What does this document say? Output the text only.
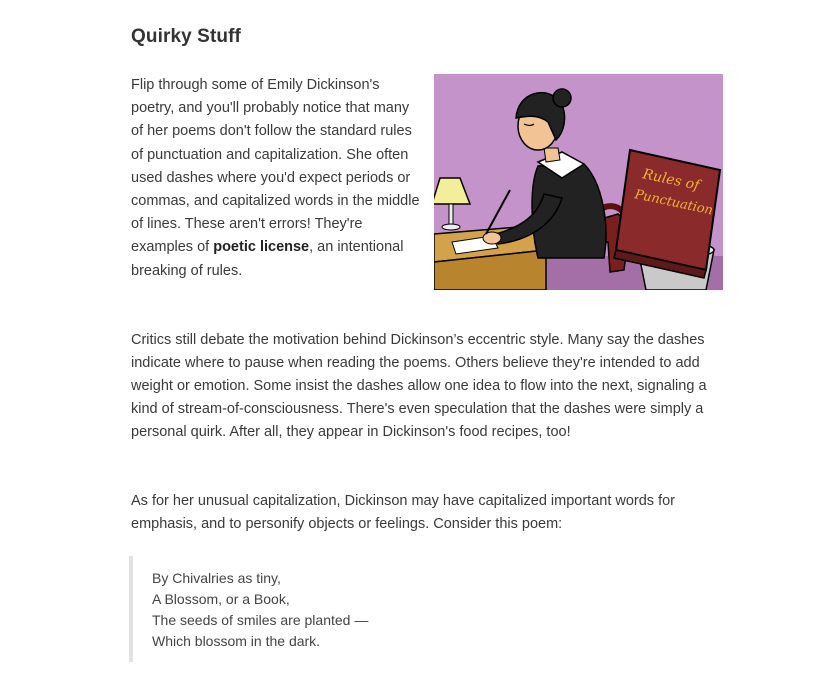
Quirky Stuff

Flip through some of Emily Dickinson's poetry, and you'll probably notice that many of her poems don't follow the standard rules of punctuation and capitalization. She often used dashes where you'd expect periods or commas, and capitalized words in the middle of lines. These aren't errors! They're examples of poetic license, an intentional breaking of rules.

Rules of
Punctuation

Critics still debate the motivation behind Dickinson’s eccentric style. Many say the dashes indicate where to pause when reading the poems. Others believe they're intended to add weight or emotion. Some insist the dashes allow one idea to flow into the next, signaling a kind of stream-of-consciousness. There's even speculation that the dashes were simply a personal quirk. After all, they appear in Dickinson's food recipes, too!

As for her unusual capitalization, Dickinson may have capitalized important words for emphasis, and to personify objects or feelings. Consider this poem:

By Chivalries as tiny,
A Blossom, or a Book,
The seeds of smiles are planted —
Which blossom in the dark.
